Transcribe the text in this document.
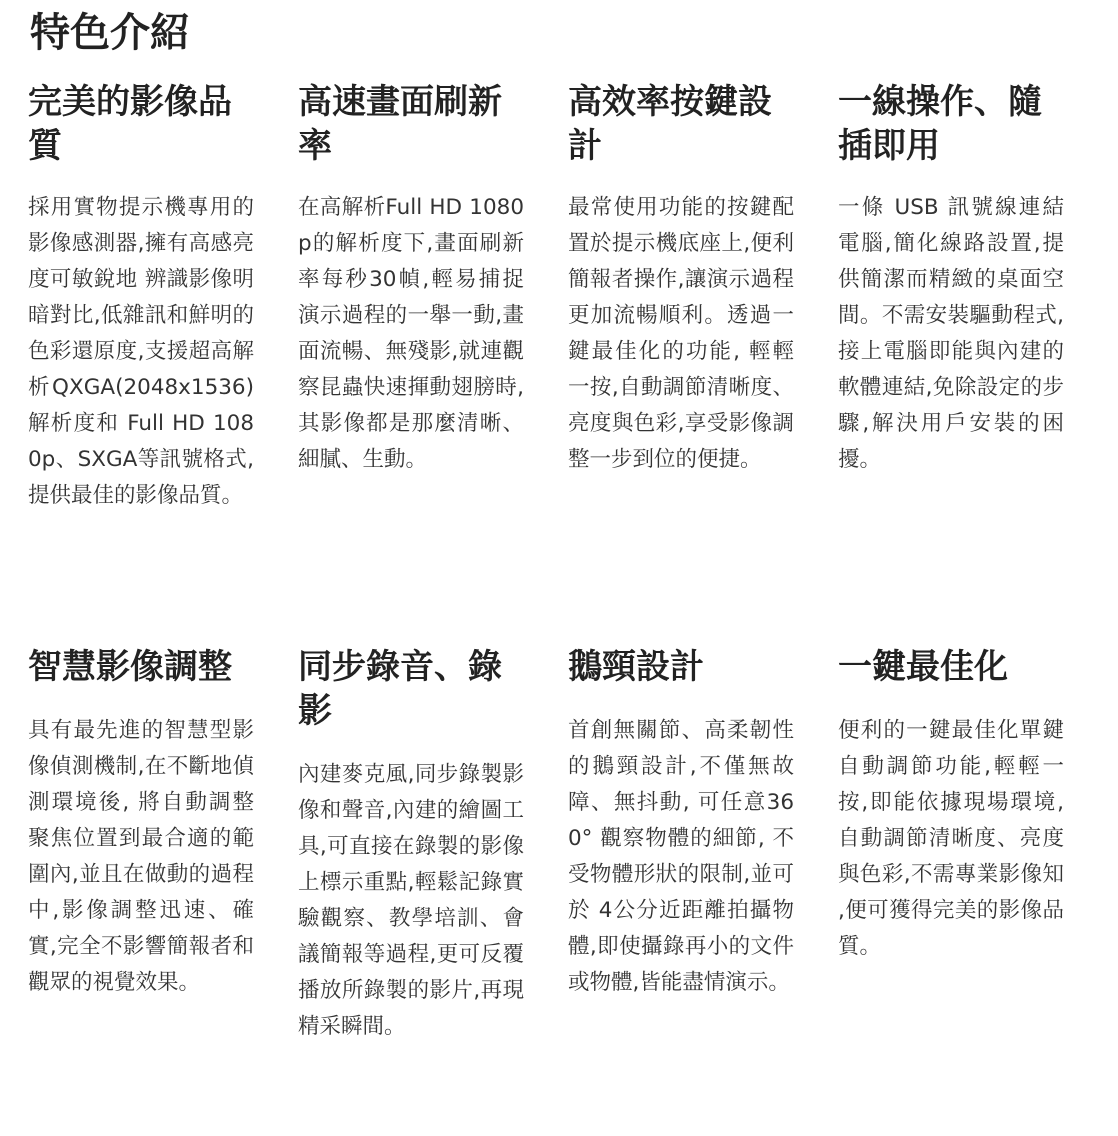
特色介紹
完美的影像品質

採用實物提示機專用的影像感測器,擁有高感亮度可敏銳地 辨識影像明暗對比,低雜訊和鮮明的色彩還原度,支援超高解析QXGA(2048x1536)解析度和 Full HD 1080p、SXGA等訊號格式,提供最佳的影像品質。

高速畫面刷新率

在高解析Full HD 1080p的解析度下,畫面刷新率每秒30幀,輕易捕捉演示過程的一舉一動,畫面流暢、無殘影,就連觀察昆蟲快速揮動翅膀時, 其影像都是那麼清晰、細膩、生動。

高效率按鍵設計

最常使用功能的按鍵配置於提示機底座上,便利簡報者操作,讓演示過程更加流暢順利。透過一鍵最佳化的功能, 輕輕一按,自動調節清晰度、 亮度與色彩,享受影像調整一步到位的便捷。

一線操作、隨插即用

一條 USB 訊號線連結電腦,簡化線路設置,提供簡潔而精緻的桌面空間。不需安裝驅動程式,接上電腦即能與內建的軟體連結,免除設定的步驟,解決用戶安裝的困擾。

智慧影像調整

具有最先進的智慧型影像偵測機制,在不斷地偵測環境後, 將自動調整聚焦位置到最合適的範圍內,並且在做動的過程中,影像調整迅速、確實,完全不影響簡報者和觀眾的視覺效果。

同步錄音、錄影

內建麥克風,同步錄製影像和聲音,內建的繪圖工具,可直接在錄製的影像上標示重點,輕鬆記錄實驗觀察、教學培訓、會議簡報等過程,更可反覆播放所錄製的影片,再現精采瞬間。

鵝頸設計

首創無關節、高柔韌性的鵝頸設計,不僅無故障、無抖動, 可任意360° 觀察物體的細節, 不受物體形狀的限制,並可於 4公分近距離拍攝物體,即使攝錄再小的文件或物體,皆能盡情演示。

一鍵最佳化

便利的一鍵最佳化單鍵自動調節功能,輕輕一按,即能依據現場環境,自動調節清晰度、亮度與色彩,不需專業影像知 ,便可獲得完美的影像品質。
